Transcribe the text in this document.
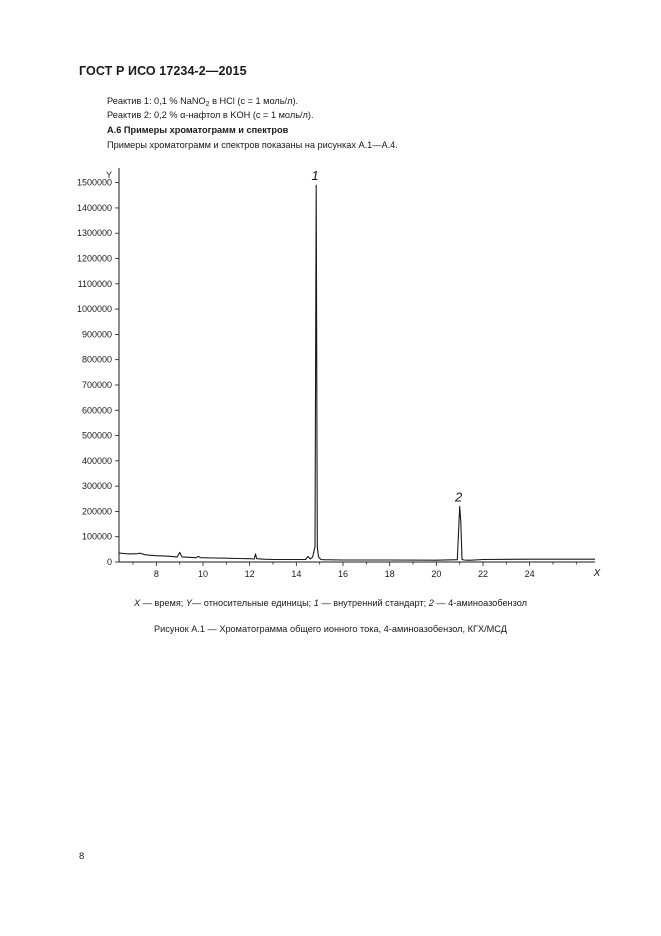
ГОСТ Р ИСО 17234-2—2015
Реактив 1: 0,1 % NaNO$_2$ в HCl (c = 1 моль/л).
Реактив 2: 0,2 % α-нафтол в KOH (c = 1 моль/л).
А.6 Примеры хроматограмм и спектров
Примеры хроматограмм и спектров показаны на рисунках А.1—А.4.
0
100000
200000
300000
400000
500000
600000
700000
800000
900000
1000000
1100000
1200000
1300000
1400000
1500000
8	10	12	14	16	18	20	22	24
Y
X
1
2
X — время; Y— относительные единицы; 1 — внутренний стандарт; 2 — 4-аминоазобензол
Рисунок А.1 — Хроматограмма общего ионного тока, 4-аминоазобензол, КГХ/МСД
8
